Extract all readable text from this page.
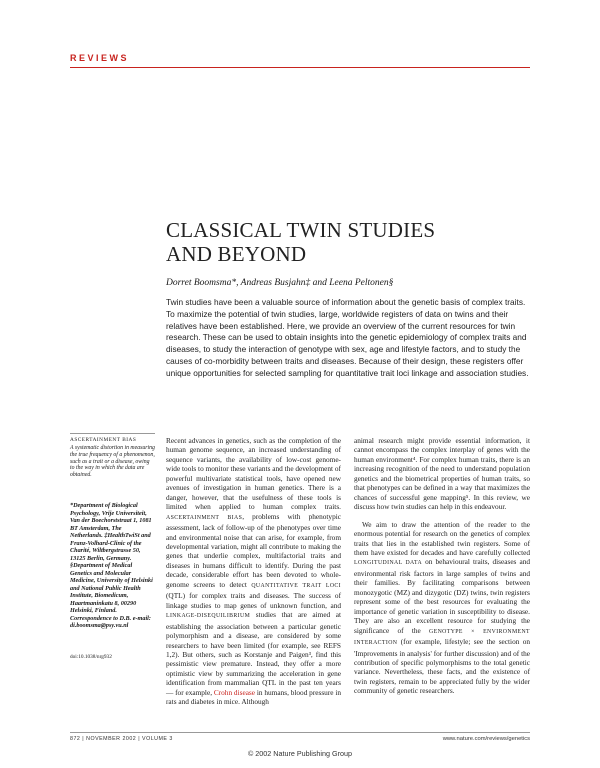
REVIEWS
CLASSICAL TWIN STUDIES
AND BEYOND
Dorret Boomsma*, Andreas Busjahn‡ and Leena Peltonen§
Twin studies have been a valuable source of information about the genetic basis of complex traits. To maximize the potential of twin studies, large, worldwide registers of data on twins and their relatives have been established. Here, we provide an overview of the current resources for twin research. These can be used to obtain insights into the genetic epidemiology of complex traits and diseases, to study the interaction of genotype with sex, age and lifestyle factors, and to study the causes of co-morbidity between traits and diseases. Because of their design, these registers offer unique opportunities for selected sampling for quantitative trait loci linkage and association studies.
ASCERTAINMENT BIAS
A systematic distortion in measuring the true frequency of a phenomenon, such as a trait or a disease, owing to the way in which the data are obtained.
*Department of Biological Psychology, Vrije Universiteit, Van der Boechorststraat 1, 1081 BT Amsterdam, The Netherlands. ‡HealthTwiSt and Franz-Volhard-Clinic of the Charité, Wiltbergstrasse 50, 13125 Berlin, Germany. §Department of Medical Genetics and Molecular Medicine, University of Helsinki and National Public Health Institute, Biomedicum, Haartmaninkatu 8, 00290 Helsinki, Finland. Correspondence to D.B. e-mail: di.boomsma@psy.vu.nl
doi:10.1038/nrg932

Recent advances in genetics, such as the completion of the human genome sequence, an increased understanding of sequence variants, the availability of low-cost genome-wide tools to monitor these variants and the development of powerful multivariate statistical tools, have opened new avenues of investigation in human genetics. There is a danger, however, that the usefulness of these tools is limited when applied to human complex traits. ASCERTAINMENT BIAS, problems with phenotypic assessment, lack of follow-up of the phenotypes over time and environmental noise that can arise, for example, from developmental variation, might all contribute to making the genes that underlie complex, multifactorial traits and diseases in humans difficult to identify. During the past decade, considerable effort has been devoted to whole-genome screens to detect QUANTITATIVE TRAIT LOCI (QTL) for complex traits and diseases. The success of linkage studies to map genes of unknown function, and LINKAGE-DISEQUILIBRIUM studies that are aimed at establishing the association between a particular genetic polymorphism and a disease, are considered by some researchers to have been limited (for example, see REFS 1,2). But others, such as Korstanje and Paigen³, find this pessimistic view premature. Instead, they offer a more optimistic view by summarizing the acceleration in gene identification from mammalian QTL in the past ten years — for example, Crohn disease in humans, blood pressure in rats and diabetes in mice. Although

animal research might provide essential information, it cannot encompass the complex interplay of genes with the human environment⁴. For complex human traits, there is an increasing recognition of the need to understand population genetics and the biometrical properties of human traits, so that phenotypes can be defined in a way that maximizes the chances of successful gene mapping⁵. In this review, we discuss how twin studies can help in this endeavour.

We aim to draw the attention of the reader to the enormous potential for research on the genetics of complex traits that lies in the established twin registers. Some of them have existed for decades and have carefully collected LONGITUDINAL DATA on behavioural traits, diseases and environmental risk factors in large samples of twins and their families. By facilitating comparisons between monozygotic (MZ) and dizygotic (DZ) twins, twin registers represent some of the best resources for evaluating the importance of genetic variation in susceptibility to disease. They are also an excellent resource for studying the significance of the GENOTYPE × ENVIRONMENT INTERACTION (for example, lifestyle; see the section on 'Improvements in analysis' for further discussion) and of the contribution of specific polymorphisms to the total genetic variance. Nevertheless, these facts, and the existence of twin registers, remain to be appreciated fully by the wider community of genetic researchers.

872 | NOVEMBER 2002 | VOLUME 3	www.nature.com/reviews/genetics
© 2002 Nature Publishing Group
